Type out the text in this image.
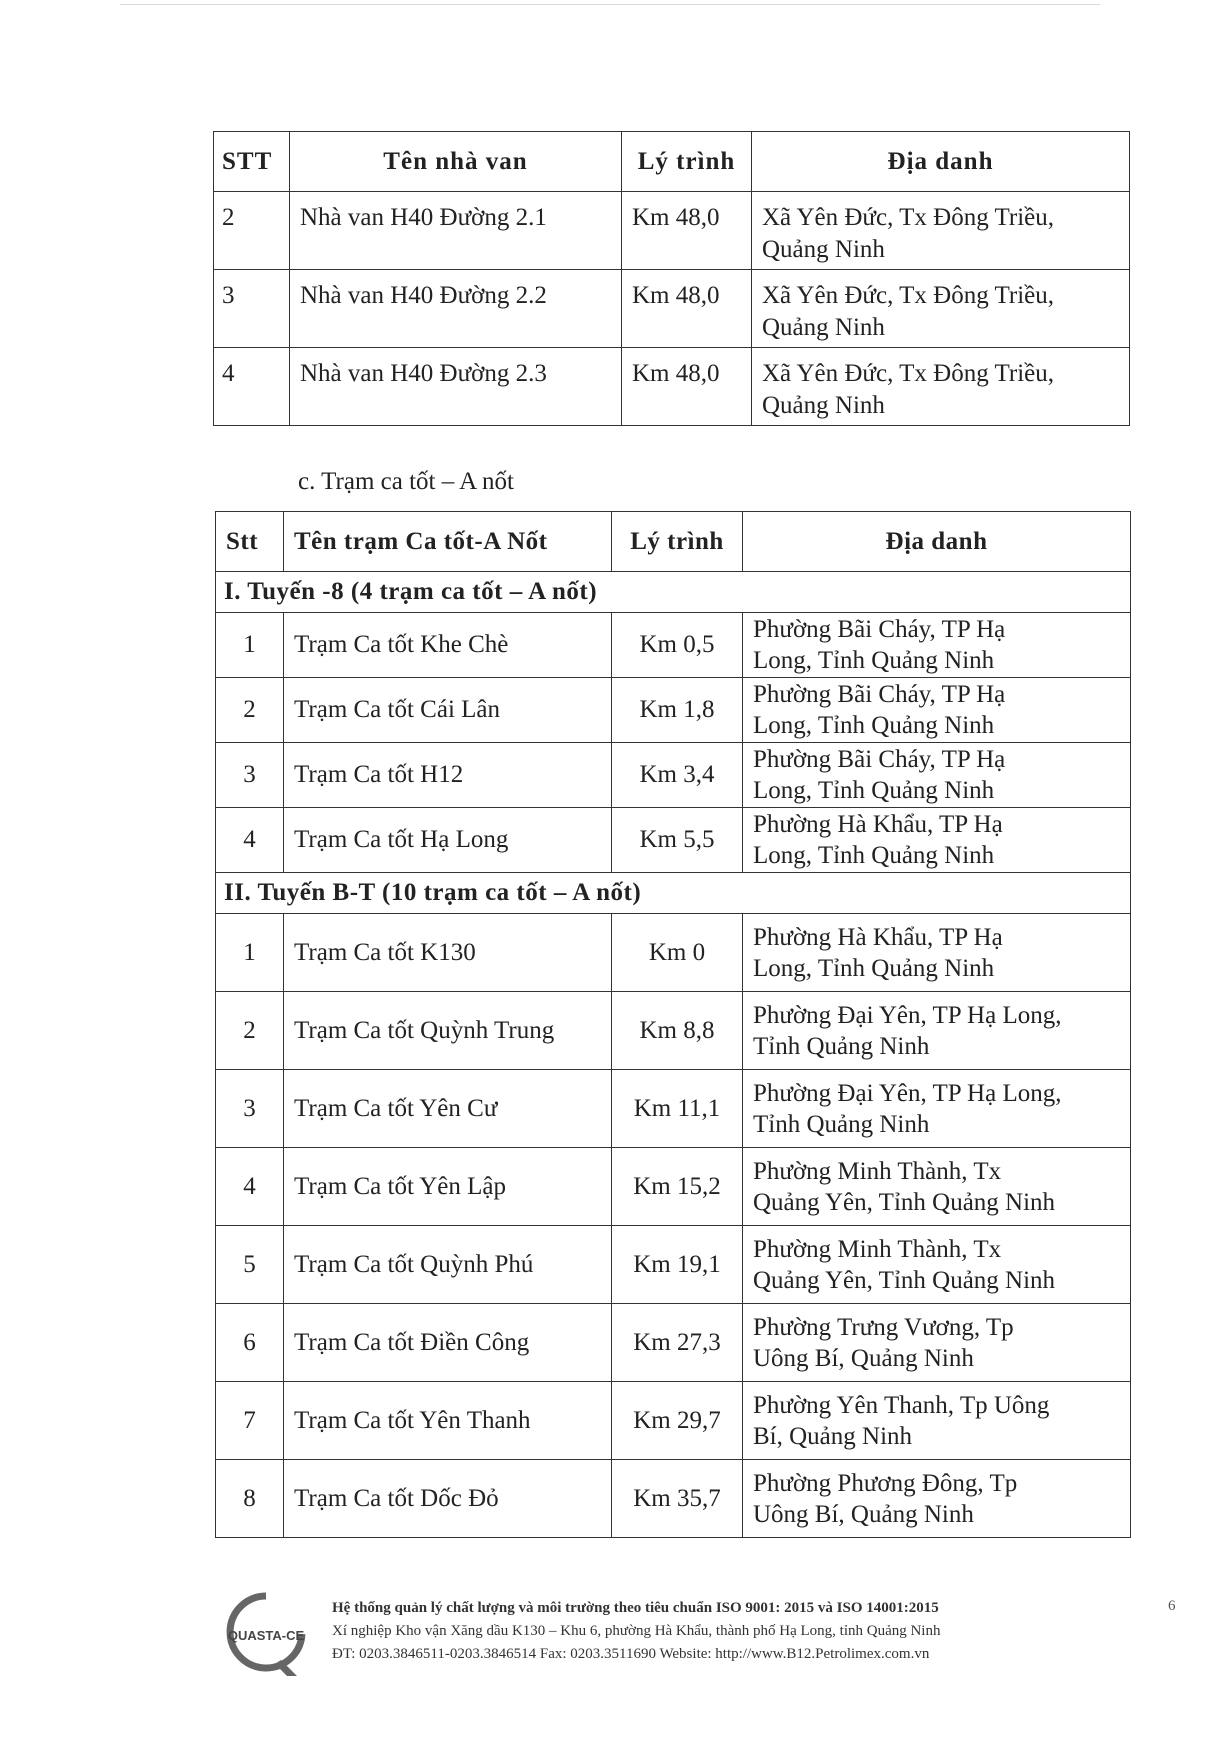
STT	Tên nhà van	Lý trình	Địa danh
2	Nhà van H40 Đường 2.1	Km 48,0	Xã Yên Đức, Tx Đông Triều,
Quảng Ninh

3	Nhà van H40 Đường 2.2	Km 48,0	Xã Yên Đức, Tx Đông Triều,
Quảng Ninh

4	Nhà van H40 Đường 2.3	Km 48,0	Xã Yên Đức, Tx Đông Triều,
Quảng Ninh
c. Trạm ca tốt – A nốt
Stt	Tên trạm Ca tốt-A Nốt	Lý trình	Địa danh
I. Tuyến -8 (4 trạm ca tốt – A nốt)			
1	Trạm Ca tốt Khe Chè	Km 0,5	Phường Bãi Cháy, TP Hạ
Long, Tỉnh Quảng Ninh

2	Trạm Ca tốt Cái Lân	Km 1,8	Phường Bãi Cháy, TP Hạ
Long, Tỉnh Quảng Ninh

3	Trạm Ca tốt H12	Km 3,4	Phường Bãi Cháy, TP Hạ
Long, Tỉnh Quảng Ninh

4	Trạm Ca tốt Hạ Long	Km 5,5	Phường Hà Khẩu, TP Hạ
Long, Tỉnh Quảng Ninh

II. Tuyến B-T (10 trạm ca tốt – A nốt)			
1	Trạm Ca tốt K130	Km 0	Phường Hà Khẩu, TP Hạ
Long, Tỉnh Quảng Ninh

2	Trạm Ca tốt Quỳnh Trung	Km 8,8	Phường Đại Yên, TP Hạ Long,
Tỉnh Quảng Ninh

3	Trạm Ca tốt Yên Cư	Km 11,1	Phường Đại Yên, TP Hạ Long,
Tỉnh Quảng Ninh

4	Trạm Ca tốt Yên Lập	Km 15,2	Phường Minh Thành, Tx
Quảng Yên, Tỉnh Quảng Ninh

5	Trạm Ca tốt Quỳnh Phú	Km 19,1	Phường Minh Thành, Tx
Quảng Yên, Tỉnh Quảng Ninh

6	Trạm Ca tốt Điền Công	Km 27,3	Phường Trưng Vương, Tp
Uông Bí, Quảng Ninh

7	Trạm Ca tốt Yên Thanh	Km 29,7	Phường Yên Thanh, Tp Uông
Bí, Quảng Ninh

8	Trạm Ca tốt Dốc Đỏ	Km 35,7	Phường Phương Đông, Tp
Uông Bí, Quảng Ninh
QUASTA-CE
Hệ thống quản lý chất lượng và môi trường theo tiêu chuẩn ISO 9001: 2015 và ISO 14001:2015
Xí nghiệp Kho vận Xăng dầu K130 – Khu 6, phường Hà Khẩu, thành phố Hạ Long, tỉnh Quảng Ninh
ĐT: 0203.3846511-0203.3846514 Fax: 0203.3511690 Website: http://www.B12.Petrolimex.com.vn
6
